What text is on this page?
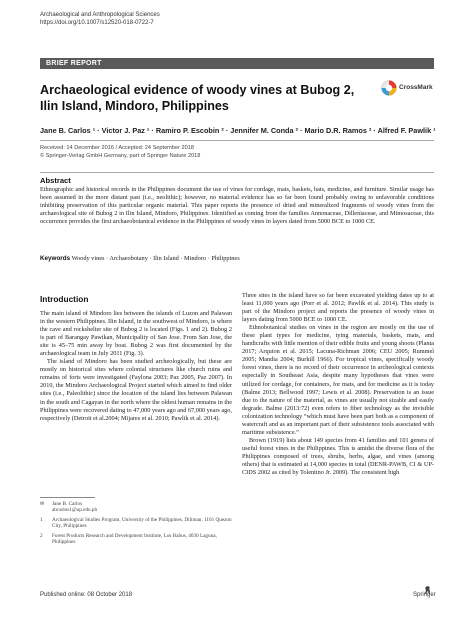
Archaeological and Anthropological Sciences
https://doi.org/10.1007/s12520-018-0722-7
BRIEF REPORT
CrossMark
Archaeological evidence of woody vines at Bubog 2, Ilin Island, Mindoro, Philippines
Jane B. Carlos ¹ · Victor J. Paz ¹ · Ramiro P. Escobin ² · Jennifer M. Conda ² · Mario D.R. Ramos ² · Alfred F. Pawlik ¹
Received: 14 December 2016 / Accepted: 24 September 2018
© Springer-Verlag GmbH Germany, part of Springer Nature 2018
Abstract
Ethnographic and historical records in the Philippines document the use of vines for cordage, mats, baskets, hats, medicine, and furniture. Similar usage has been assumed in the more distant past (i.e., neolithic); however, no material evidence has so far been found probably owing to unfavorable conditions inhibiting preservation of this particular organic material. This paper reports the presence of dried and mineralized fragments of woody vines from the archaeological site of Bubog 2 in Ilin Island, Mindoro, Philippines. Identified as coming from the families Annonaceae, Dilleniaceae, and Mimosaceae, this occurrence provides the first archaeobotanical evidence in the Philippines of woody vines in layers dated from 5000 BCE to 1000 CE.
Keywords Woody vines · Archaeobotany · Ilin Island · Mindoro · Philippines
Introduction

The main island of Mindoro lies between the islands of Luzon and Palawan in the western Philippines. Ilin Island, in the southwest of Mindoro, is where the cave and rockshelter site of Bubog 2 is located (Figs. 1 and 2). Bubog 2 is part of Barangay Pawikan, Municipality of San Jose. From San Jose, the site is 45–75 min away by boat. Bubog 2 was first documented by the archaeological team in July 2011 (Fig. 3).

The island of Mindoro has been studied archeologically, but these are mostly on historical sites where colonial structures like church ruins and remains of forts were investigated (Faylona 2003; Paz 2005, Paz 2007). In 2010, the Mindoro Archaeological Project started which aimed to find older sites (i.e., Paleolithic) since the location of the island lies between Palawan in the south and Cagayan in the north where the oldest human remains in the Philippines were recovered dating to 47,000 years ago and 67,000 years ago, respectively (Detroit et al.2004; Mijares et al. 2010; Pawlik et al. 2014).

Three sites in the island have so far been excavated yielding dates up to at least 11,000 years ago (Porr et al. 2012; Pawlik et al. 2014). This study is part of the Mindoro project and reports the presence of woody vines in layers dating from 5000 BCE to 1000 CE.

Ethnobotanical studies on vines in the region are mostly on the use of these plant types for medicine, tying materials, baskets, mats, and handicrafts with little mention of their edible fruits and young shoots (Planta 2017; Arquion et al. 2015; Lacuna-Richman 2006; CEU 2005; Rummel 2005; Mandia 2004; Burkill 1966). For tropical vines, specifically woody forest vines, there is no record of their occurrence in archeological contexts especially in Southeast Asia, despite many hypotheses that vines were utilized for cordage, for containers, for mats, and for medicine as it is today (Balme 2013; Bellwood 1997; Lewis et al. 2008). Preservation is an issue due to the nature of the material, as vines are usually not sizable and easily degrade. Balme (2013:72) even refers to fiber technology as the invisible colonization technology “which must have been part both as a component of watercraft and as an important part of their subsistence tools associated with maritime subsistence.”

Brown (1919) lists about 149 species from 41 families and 101 genera of useful forest vines in the Philippines. This is amidst the diverse flora of the Philippines composed of trees, shrubs, herbs, algae, and vines (among others) that is estimated at 14,000 species in total (DENR-PAWB, CI & UP-CIDS 2002 as cited by Tolentino Jr. 2009). The consistent high

✉ Jane B. Carlos
abcarlos1@up.edu.ph
1 Archaeological Studies Program, University of the Philippines, Diliman, 1101 Quezon City, Philippines
2 Forest Products Research and Development Institute, Los Baños, 4030 Laguna, Philippines
Published online: 08 October 2018	Springer
